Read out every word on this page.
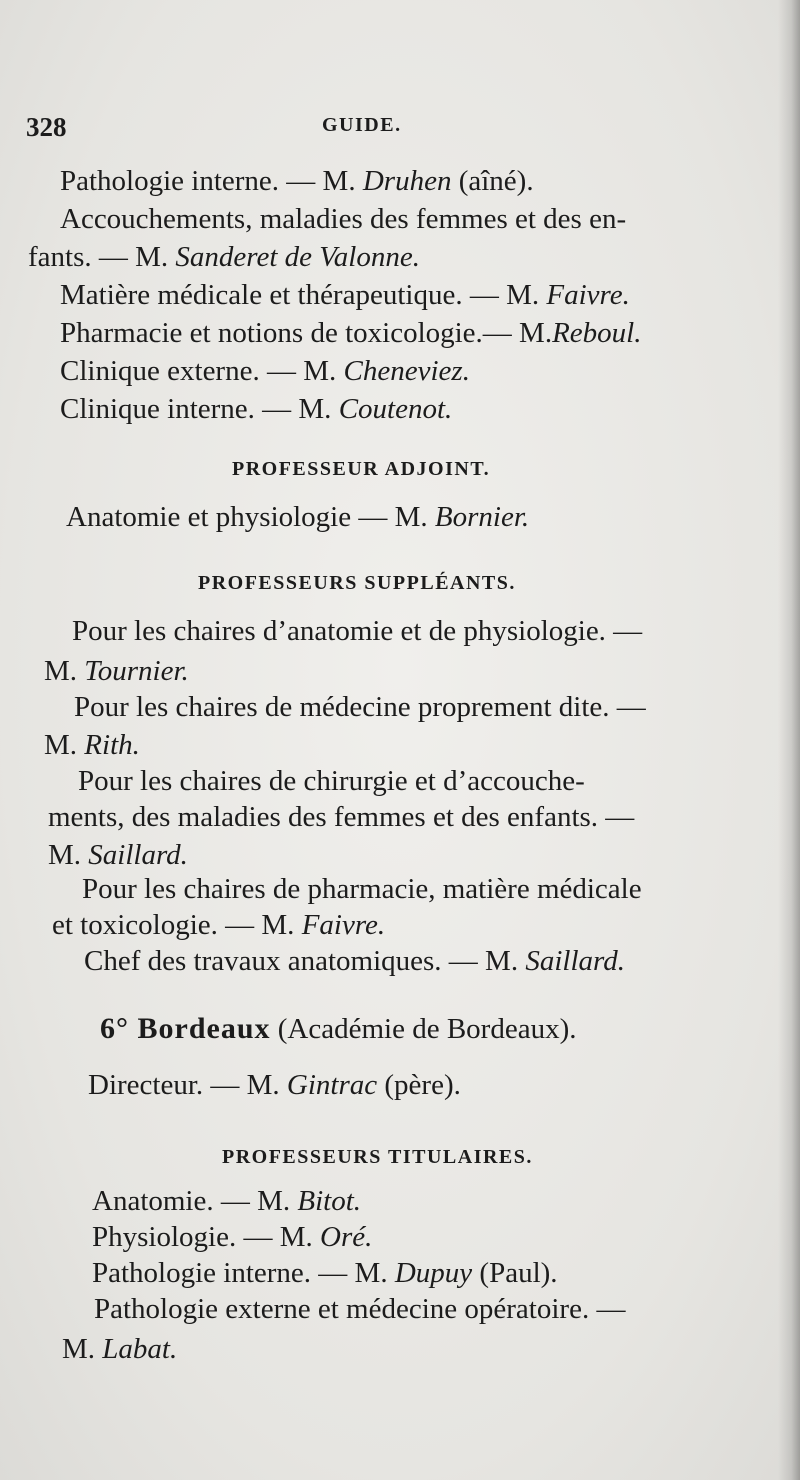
328	GUIDE.
Pathologie interne. — M. Druhen (aîné).
Accouchements, maladies des femmes et des en-
fants. — M. Sanderet de Valonne.
Matière médicale et thérapeutique. — M. Faivre.
Pharmacie et notions de toxicologie.— M.Reboul.
Clinique externe. — M. Cheneviez.
Clinique interne. — M. Coutenot.
PROFESSEUR ADJOINT.
Anatomie et physiologie — M. Bornier.
PROFESSEURS SUPPLÉANTS.
Pour les chaires d’anatomie et de physiologie. —
M. Tournier.
Pour les chaires de médecine proprement dite. —
M. Rith.
Pour les chaires de chirurgie et d’accouche-
ments, des maladies des femmes et des enfants. —
M. Saillard.
Pour les chaires de pharmacie, matière médicale
et toxicologie. — M. Faivre.
Chef des travaux anatomiques. — M. Saillard.
6° Bordeaux (Académie de Bordeaux).
Directeur. — M. Gintrac (père).
PROFESSEURS TITULAIRES.
Anatomie. — M. Bitot.
Physiologie. — M. Oré.
Pathologie interne. — M. Dupuy (Paul).
Pathologie externe et médecine opératoire. —
M. Labat.
